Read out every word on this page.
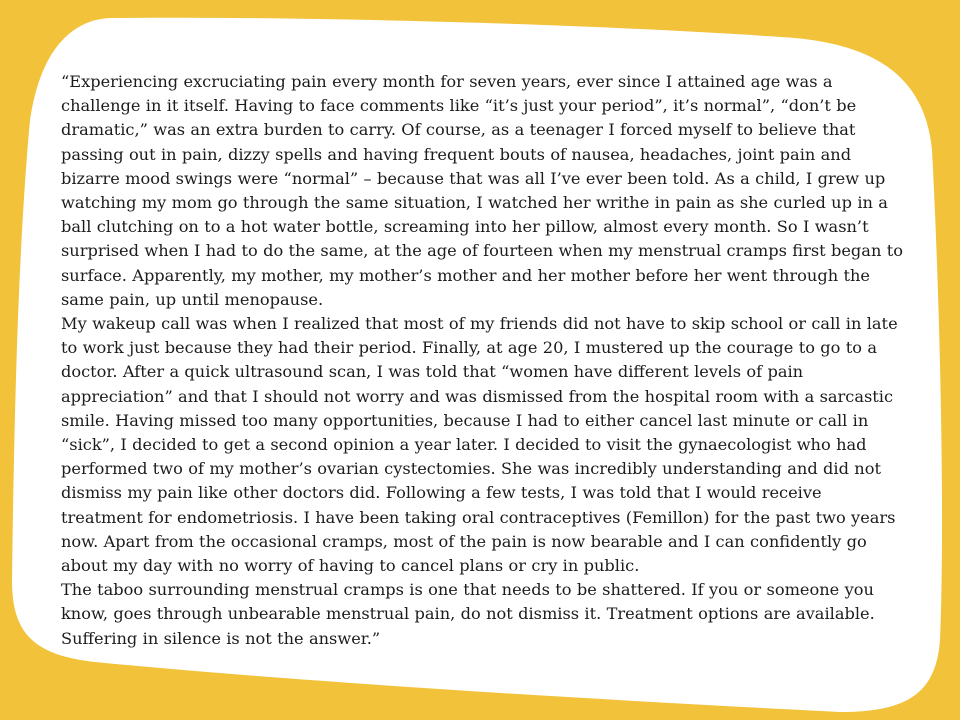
“Experiencing excruciating pain every month for seven years, ever since I attained age was a challenge in it itself. Having to face comments like “it’s just your period”, it’s normal”, “don’t be dramatic,” was an extra burden to carry. Of course, as a teenager I forced myself to believe that passing out in pain, dizzy spells and having frequent bouts of nausea, headaches, joint pain and bizarre mood swings were “normal” – because that was all I’ve ever been told. As a child, I grew up watching my mom go through the same situation, I watched her writhe in pain as she curled up in a ball clutching on to a hot water bottle, screaming into her pillow, almost every month. So I wasn’t surprised when I had to do the same, at the age of fourteen when my menstrual cramps first began to surface. Apparently, my mother, my mother’s mother and her mother before her went through the same pain, up until menopause.

My wakeup call was when I realized that most of my friends did not have to skip school or call in late to work just because they had their period. Finally, at age 20, I mustered up the courage to go to a doctor. After a quick ultrasound scan, I was told that “women have different levels of pain appreciation” and that I should not worry and was dismissed from the hospital room with a sarcastic smile. Having missed too many opportunities, because I had to either cancel last minute or call in “sick”, I decided to get a second opinion a year later. I decided to visit the gynaecologist who had performed two of my mother’s ovarian cystectomies. She was incredibly understanding and did not dismiss my pain like other doctors did. Following a few tests, I was told that I would receive treatment for endometriosis. I have been taking oral contraceptives (Femillon) for the past two years now. Apart from the occasional cramps, most of the pain is now bearable and I can confidently go about my day with no worry of having to cancel plans or cry in public.

The taboo surrounding menstrual cramps is one that needs to be shattered. If you or someone you know, goes through unbearable menstrual pain, do not dismiss it. Treatment options are available. Suffering in silence is not the answer.”
